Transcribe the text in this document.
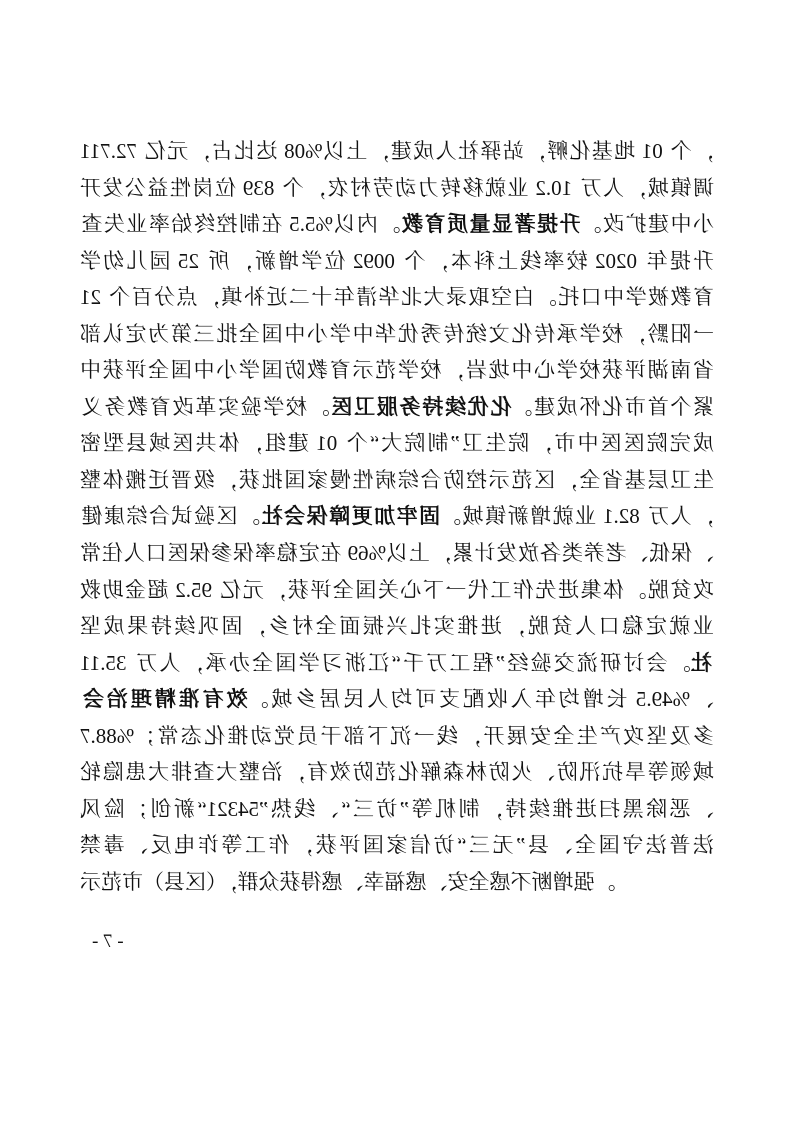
117.27 亿元，占比达 80%以上，建成人社驿站，孵化基地 10 个，
开发公益性岗位 938 个，农村劳动力转移就业 2.01 万人，城镇调
查失业率始终控制在 5.5%以内。教育质量显著提升。改扩建中小
学幼儿园 52 所，新增学位 2900 个，本科上线率较 2020 年提升
12 个百分点，填补近二十年清华北大录取空白。托口中学被教育
部认定为第三批全国中小学中华优秀传统文化传承学校，黔阳一
中获评全国中小学国防教育示范学校，岩垅中心学校获评湖南省
义务教育改革实验学校。医卫服务持续优化。建成怀化市首个紧
密型县域医共体，组建 10 个“大院制”卫生院，市中医医院完成
整体搬迁晋级，获批国家慢性病综合防控示范区，全省基层卫生
健康综合试验区。社会保障更加牢固。城镇新增就业 1.28 万人，
常住人口医保参保率稳定在 96%以上，累计发放各类养老、低保、
救助金超 2.59 亿元，获评全国关心下一代工作先进集体。脱贫攻
坚成果持续巩固，乡村全面振兴扎实推进，脱贫人口稳定就业
11.53 万人，承办全国学习浙江“千万工程”经验交流研讨会。社
会治理精准有效。城乡居民人均可支配收入年均增长 5.94%、
7.88%；常态化推动党员干部下沉一线，开展安全生产攻坚及多
轮隐患大排查大整治，有效防范化解森林防火、防汛抗旱等领域
风险；创新“12345”热线、“三访”等机制，持续推进扫黑除恶、
禁毒、反电诈等工作，获评国家信访“三无”县、全国守法普法
示范市（县区），群众获得感、幸福感、安全感不断增强。
- 7 -
